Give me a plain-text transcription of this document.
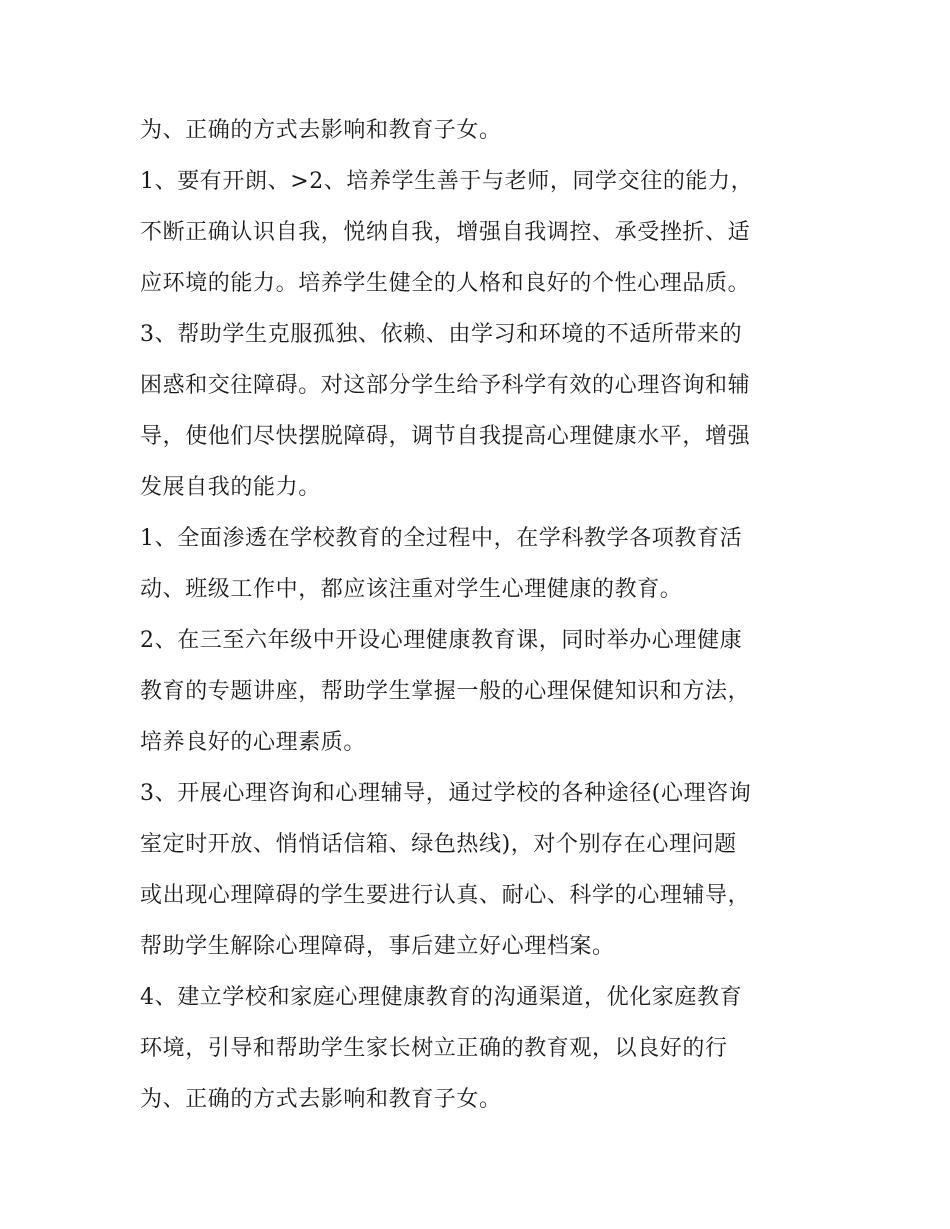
为、正确的方式去影响和教育子女。
1、要有开朗、>2、培养学生善于与老师，同学交往的能力，
不断正确认识自我，悦纳自我，增强自我调控、承受挫折、适
应环境的能力。培养学生健全的人格和良好的个性心理品质。
3、帮助学生克服孤独、依赖、由学习和环境的不适所带来的
困惑和交往障碍。对这部分学生给予科学有效的心理咨询和辅
导，使他们尽快摆脱障碍，调节自我提高心理健康水平，增强
发展自我的能力。
1、全面渗透在学校教育的全过程中，在学科教学各项教育活
动、班级工作中，都应该注重对学生心理健康的教育。
2、在三至六年级中开设心理健康教育课，同时举办心理健康
教育的专题讲座，帮助学生掌握一般的心理保健知识和方法，
培养良好的心理素质。
3、开展心理咨询和心理辅导，通过学校的各种途径(心理咨询
室定时开放、悄悄话信箱、绿色热线)，对个别存在心理问题
或出现心理障碍的学生要进行认真、耐心、科学的心理辅导，
帮助学生解除心理障碍，事后建立好心理档案。
4、建立学校和家庭心理健康教育的沟通渠道，优化家庭教育
环境，引导和帮助学生家长树立正确的教育观，以良好的行
为、正确的方式去影响和教育子女。
